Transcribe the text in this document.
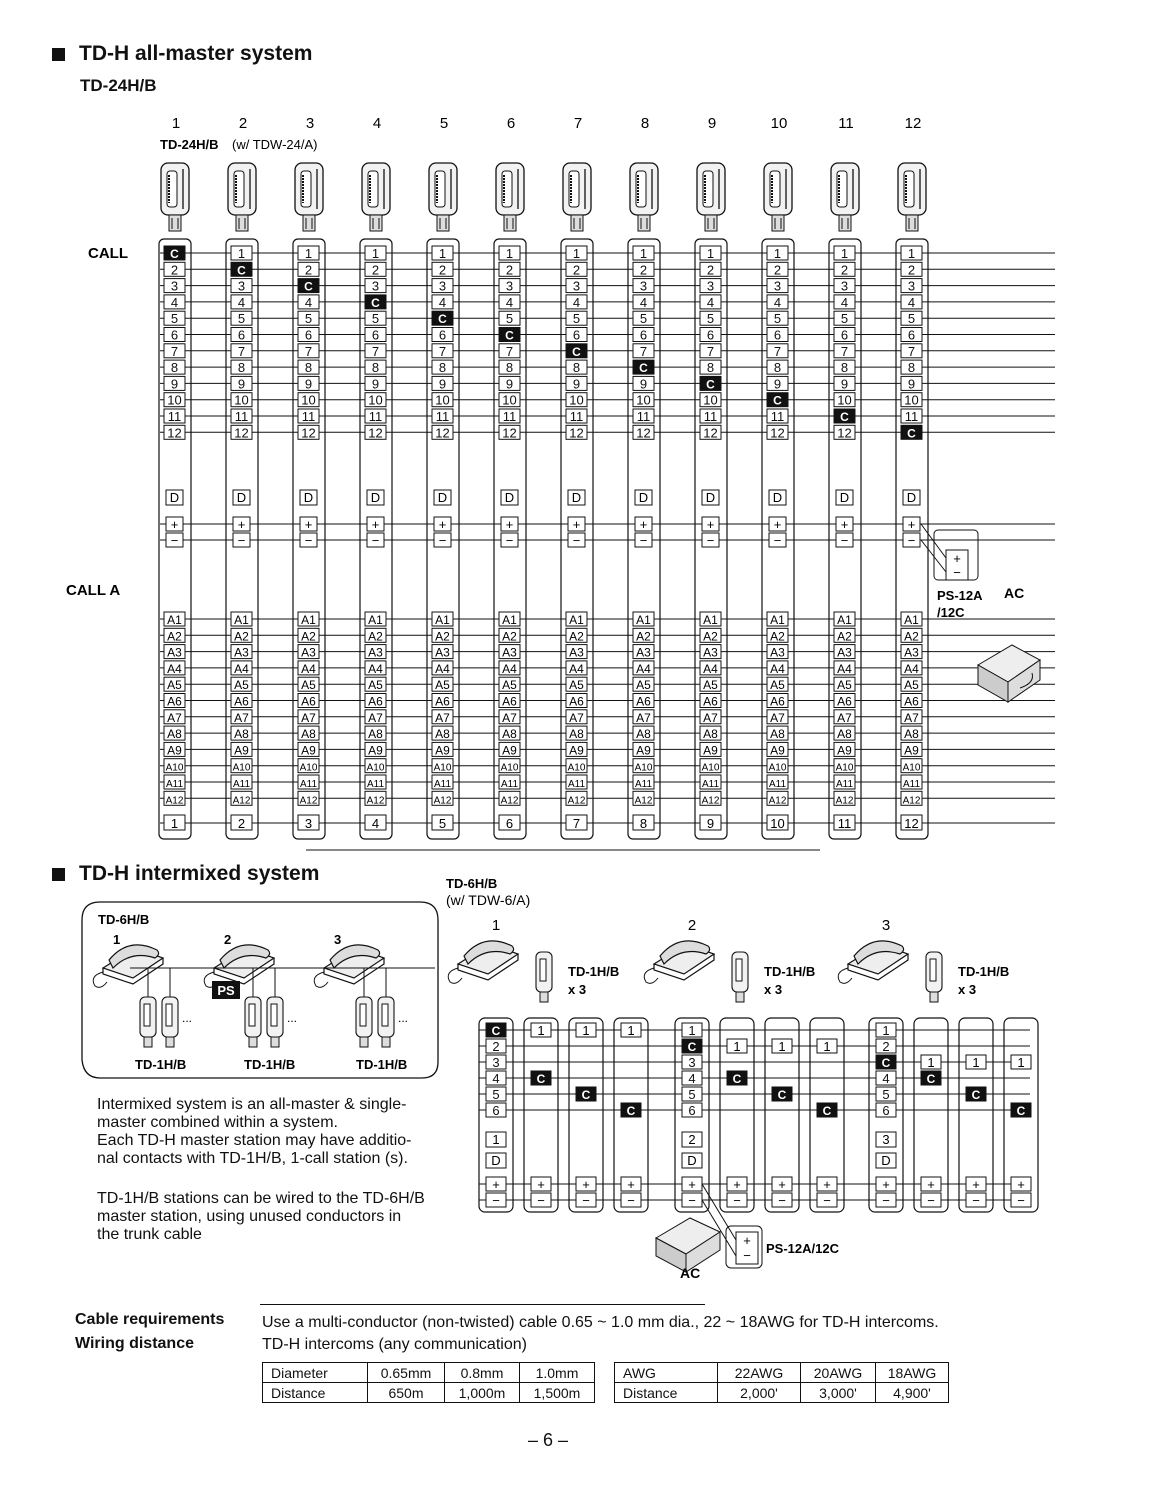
TD-H all-master system
TD-24H/B
1	2	3	4	5	6	7	8	9	10	11	12
TD-24H/B (w/ TDW-24/A)
CALL
CALL A
C
2
3
4
5
6
7
8
9
10
11
12
D
+
−
A1
A2
A3
A4
A5
A6
A7
A8
A9
A10
A11
A12
1
1
C
3
4
5
6
7
8
9
10
11
12
D
+
−
A1
A2
A3
A4
A5
A6
A7
A8
A9
A10
A11
A12
2
1
2
C
4
5
6
7
8
9
10
11
12
D
+
−
A1
A2
A3
A4
A5
A6
A7
A8
A9
A10
A11
A12
3
1
2
3
C
5
6
7
8
9
10
11
12
D
+
−
A1
A2
A3
A4
A5
A6
A7
A8
A9
A10
A11
A12
4
1
2
3
4
C
6
7
8
9
10
11
12
D
+
−
A1
A2
A3
A4
A5
A6
A7
A8
A9
A10
A11
A12
5
1
2
3
4
5
C
7
8
9
10
11
12
D
+
−
A1
A2
A3
A4
A5
A6
A7
A8
A9
A10
A11
A12
6
1
2
3
4
5
6
C
8
9
10
11
12
D
+
−
A1
A2
A3
A4
A5
A6
A7
A8
A9
A10
A11
A12
7
1
2
3
4
5
6
7
C
9
10
11
12
D
+
−
A1
A2
A3
A4
A5
A6
A7
A8
A9
A10
A11
A12
8
1
2
3
4
5
6
7
8
C
10
11
12
D
+
−
A1
A2
A3
A4
A5
A6
A7
A8
A9
A10
A11
A12
9
1
2
3
4
5
6
7
8
9
C
11
12
D
+
−
A1
A2
A3
A4
A5
A6
A7
A8
A9
A10
A11
A12
10
1
2
3
4
5
6
7
8
9
10
C
12
D
+
−
A1
A2
A3
A4
A5
A6
A7
A8
A9
A10
A11
A12
11
1
2
3
4
5
6
7
8
9
10
11
C
D
+
−
A1
A2
A3
A4
A5
A6
A7
A8
A9
A10
A11
A12
12
+
−
PS-12A
/12C
AC
TD-H intermixed system
TD-6H/B
1	2	3
...	...	...
PS
TD-1H/B	TD-1H/B	TD-1H/B
TD-6H/B
(w/ TDW-6/A)
1
TD-1H/B
x 3
2
TD-1H/B
x 3
3
TD-1H/B
x 3
C
2
3
4
5
6
1
D
+
−
1
C
+
−
1
C
+
−
1
C
+
−
1
C
3
4
5
6
2
D
+
−
1
C
+
−
1
C
+
−
1
C
+
−
1
2
C
4
5
6
3
D
+
−
1
C
+
−
1
C
+
−
1
C
+
−
+
− PS-12A/12C
AC
Intermixed system is an all-master & single-
master combined within a system.
Each TD-H master station may have additio-
nal contacts with TD-1H/B, 1-call station (s).
TD-1H/B stations can be wired to the TD-6H/B
master station, using unused conductors in
the trunk cable
Cable requirements Use a multi-conductor (non-twisted) cable 0.65 ~ 1.0 mm dia., 22 ~ 18AWG for TD-H intercoms.
Wiring distance	TD-H intercoms (any communication)
Diameter	0.65mm	0.8mm	1.0mm
Distance	650m	1,000m	1,500m
AWG	22AWG	20AWG	18AWG
Distance	2,000'	3,000'	4,900'
– 6 –
